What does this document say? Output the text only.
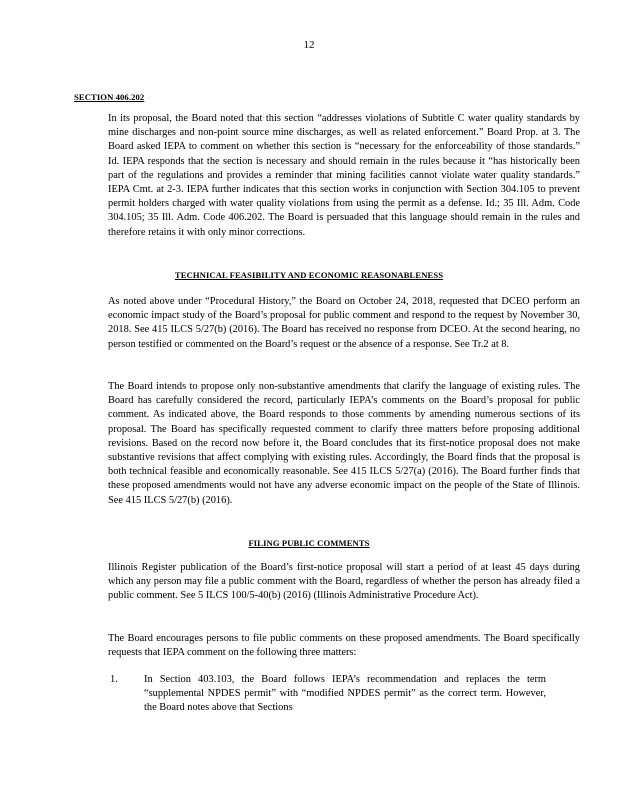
12
SECTION 406.202
In its proposal, the Board noted that this section “addresses violations of Subtitle C water quality standards by mine discharges and non-point source mine discharges, as well as related enforcement.” Board Prop. at 3. The Board asked IEPA to comment on whether this section is “necessary for the enforceability of those standards.” Id. IEPA responds that the section is necessary and should remain in the rules because it “has historically been part of the regulations and provides a reminder that mining facilities cannot violate water quality standards.” IEPA Cmt. at 2-3. IEPA further indicates that this section works in conjunction with Section 304.105 to prevent permit holders charged with water quality violations from using the permit as a defense. Id.; 35 Ill. Adm. Code 304.105; 35 Ill. Adm. Code 406.202. The Board is persuaded that this language should remain in the rules and therefore retains it with only minor corrections.
TECHNICAL FEASIBILITY AND ECONOMIC REASONABLENESS
As noted above under “Procedural History,” the Board on October 24, 2018, requested that DCEO perform an economic impact study of the Board’s proposal for public comment and respond to the request by November 30, 2018. See 415 ILCS 5/27(b) (2016). The Board has received no response from DCEO. At the second hearing, no person testified or commented on the Board’s request or the absence of a response. See Tr.2 at 8.
The Board intends to propose only non-substantive amendments that clarify the language of existing rules. The Board has carefully considered the record, particularly IEPA’s comments on the Board’s proposal for public comment. As indicated above, the Board responds to those comments by amending numerous sections of its proposal. The Board has specifically requested comment to clarify three matters before proposing additional revisions. Based on the record now before it, the Board concludes that its first-notice proposal does not make substantive revisions that affect complying with existing rules. Accordingly, the Board finds that the proposal is both technical feasible and economically reasonable. See 415 ILCS 5/27(a) (2016). The Board further finds that these proposed amendments would not have any adverse economic impact on the people of the State of Illinois. See 415 ILCS 5/27(b) (2016).
FILING PUBLIC COMMENTS
Illinois Register publication of the Board’s first-notice proposal will start a period of at least 45 days during which any person may file a public comment with the Board, regardless of whether the person has already filed a public comment. See 5 ILCS 100/5-40(b) (2016) (Illinois Administrative Procedure Act).
The Board encourages persons to file public comments on these proposed amendments. The Board specifically requests that IEPA comment on the following three matters:
1.	In Section 403.103, the Board follows IEPA’s recommendation and replaces the term “supplemental NPDES permit” with “modified NPDES permit” as the correct term. However, the Board notes above that Sections
